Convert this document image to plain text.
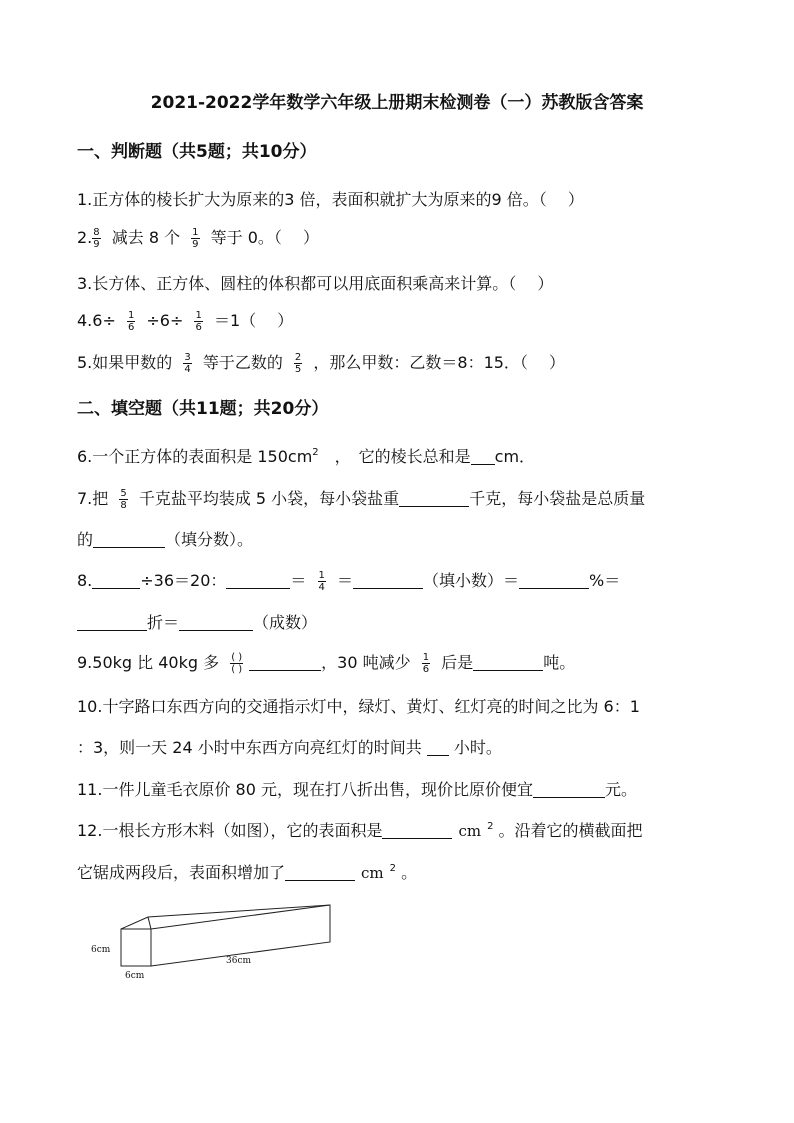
2021-2022学年数学六年级上册期末检测卷（一）苏教版含答案
一、判断题（共5题；共10分）
1.正方体的棱长扩大为原来的3 倍，表面积就扩大为原来的9 倍。（　 ）
2. $\frac{8}{9}$ 减去 8 个 $\frac{1}{9}$ 等于 0。（　 ）
3.长方体、正方体、圆柱的体积都可以用底面积乘高来计算。（　 ）
$4.6\div \frac{1}{6} \div 6\div \frac{1}{6} =1$（　 ）
5.如果甲数的 $\frac{3}{4}$ 等于乙数的 $\frac{2}{5}$ ，那么甲数：乙数＝8：15．（　 ）
二、填空题（共11题；共20分）
6.一个正方体的表面积是 $150cm^2$　，　它的棱长总和是 cm．
7.把 $\frac{5}{8}$ 千克盐平均装成 5 小袋，每小袋盐重	千克，每小袋盐是总质量
的	（填分数）。
8.	÷36＝20：	＝ $\frac{1}{4}$ ＝	（填小数）＝	%＝
折＝	（成数）
9.50kg 比 40kg 多 $\frac{( )}{( )}$	，30 吨减少 $\frac{1}{6}$ 后是	吨。
10.十字路口东西方向的交通指示灯中，绿灯、黄灯、红灯亮的时间之比为 6：1
：3，则一天 24 小时中东西方向亮红灯的时间共  小时。
11.一件儿童毛衣原价 80 元，现在打八折出售，现价比原价便宜	元。
12.一根长方形木料（如图），它的表面积是	cm $^2$ 。沿着它的横截面把
它锯成两段后，表面积增加了	cm $^2$ 。
6cm
36cm
6cm
